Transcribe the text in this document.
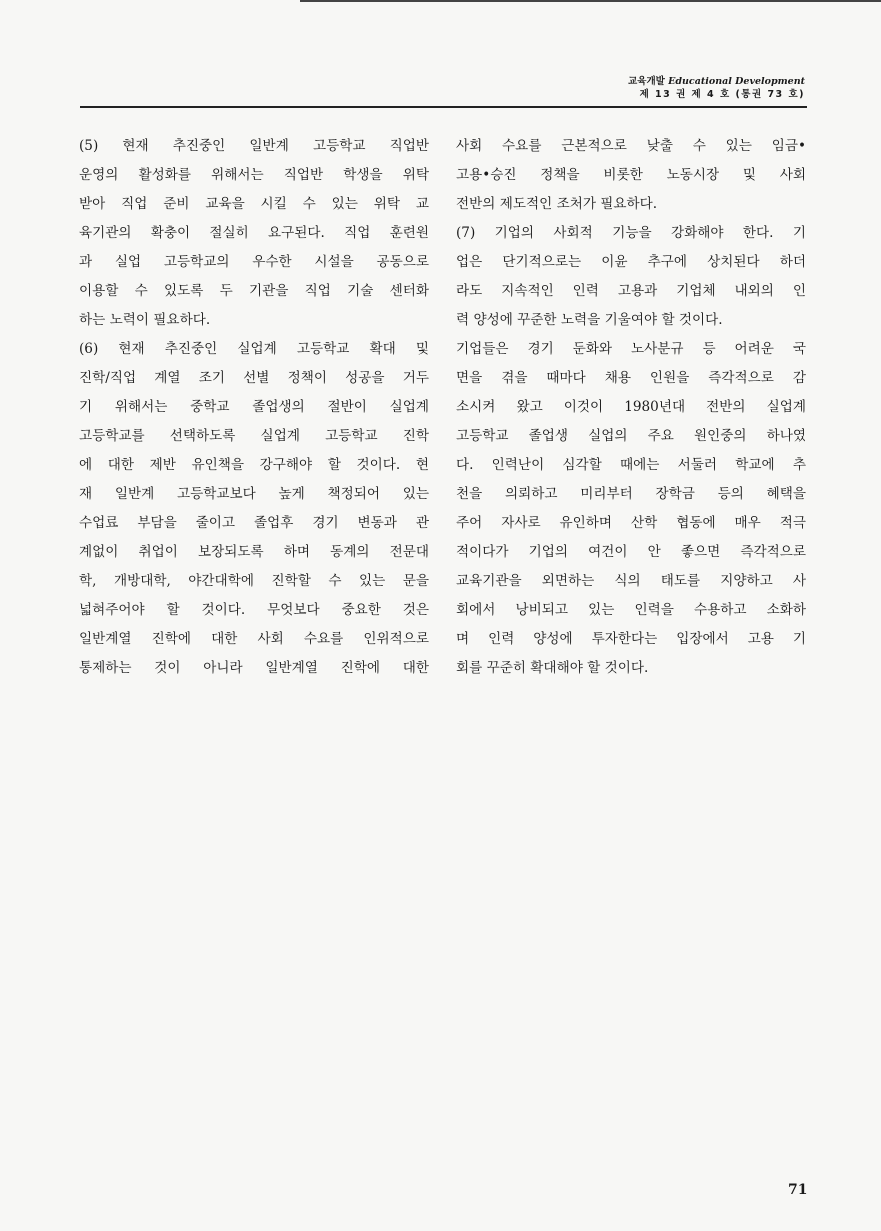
교육개발 Educational Development
제 13 권 제 4 호 (통권 73 호)
(5) 현재 추진중인 일반계 고등학교 직업반
운영의 활성화를 위해서는 직업반 학생을 위탁
받아 직업 준비 교육을 시킬 수 있는 위탁 교
육기관의 확충이 절실히 요구된다. 직업 훈련원
과 실업 고등학교의 우수한 시설을 공동으로
이용할 수 있도록 두 기관을 직업 기술 센터화
하는 노력이 필요하다.
(6) 현재 추진중인 실업계 고등학교 확대 및
진학/직업 계열 조기 선별 정책이 성공을 거두
기 위해서는 중학교 졸업생의 절반이 실업계
고등학교를 선택하도록 실업계 고등학교 진학
에 대한 제반 유인책을 강구해야 할 것이다. 현
재 일반계 고등학교보다 높게 책정되어 있는
수업료 부담을 줄이고 졸업후 경기 변동과 관
계없이 취업이 보장되도록 하며 동계의 전문대
학, 개방대학, 야간대학에 진학할 수 있는 문을
넓혀주어야 할 것이다. 무엇보다 중요한 것은
일반계열 진학에 대한 사회 수요를 인위적으로
통제하는 것이 아니라 일반계열 진학에 대한
사회 수요를 근본적으로 낮출 수 있는 임금•
고용•승진 정책을 비롯한 노동시장 및 사회
전반의 제도적인 조처가 필요하다.
(7) 기업의 사회적 기능을 강화해야 한다. 기
업은 단기적으로는 이윤 추구에 상치된다 하더
라도 지속적인 인력 고용과 기업체 내외의 인
력 양성에 꾸준한 노력을 기울여야 할 것이다.
기업들은 경기 둔화와 노사분규 등 어려운 국
면을 겪을 때마다 채용 인원을 즉각적으로 감
소시켜 왔고 이것이 1980년대 전반의 실업계
고등학교 졸업생 실업의 주요 원인중의 하나였
다. 인력난이 심각할 때에는 서둘러 학교에 추
천을 의뢰하고 미리부터 장학금 등의 혜택을
주어 자사로 유인하며 산학 협동에 매우 적극
적이다가 기업의 여건이 안 좋으면 즉각적으로
교육기관을 외면하는 식의 태도를 지양하고 사
회에서 낭비되고 있는 인력을 수용하고 소화하
며 인력 양성에 투자한다는 입장에서 고용 기
회를 꾸준히 확대해야 할 것이다.
71
